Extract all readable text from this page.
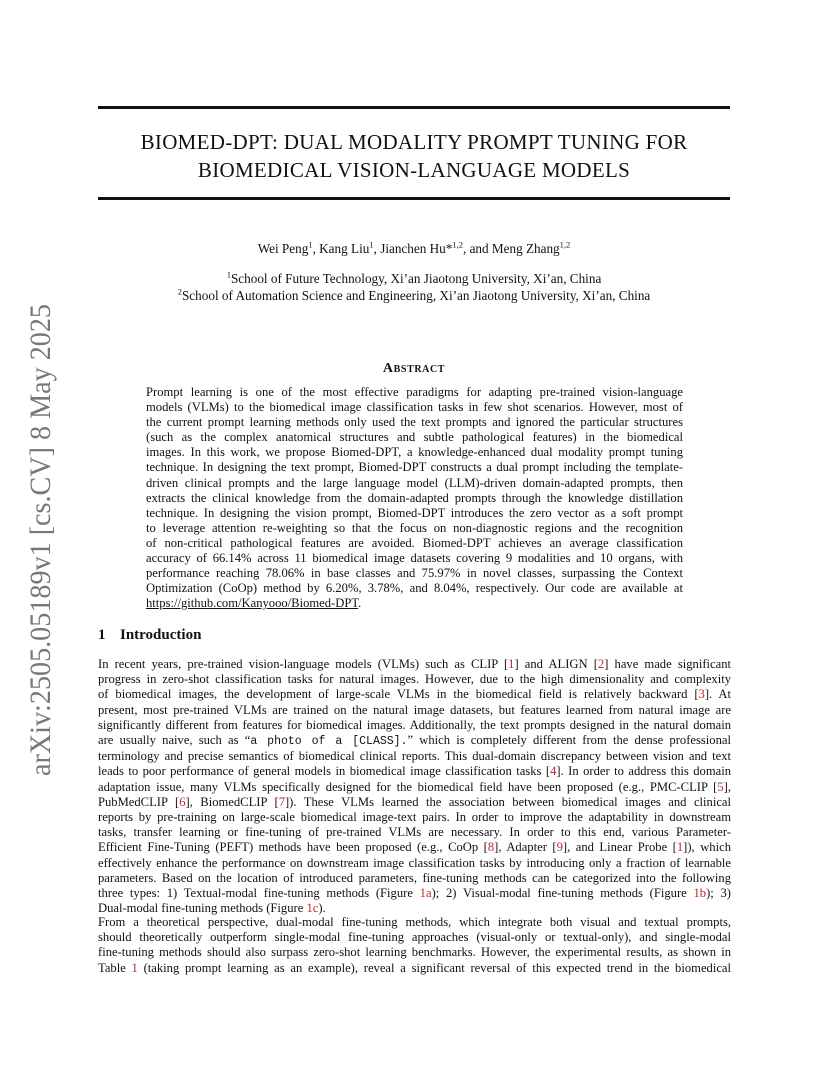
arXiv:2505.05189v1 [cs.CV] 8 May 2025
BIOMED-DPT: DUAL MODALITY PROMPT TUNING FOR
BIOMEDICAL VISION-LANGUAGE MODELS
Wei Peng$^1$, Kang Liu$^1$, Jianchen Hu*$^{1,2}$, and Meng Zhang$^{1,2}$
$^1$School of Future Technology, Xi’an Jiaotong University, Xi’an, China
$^2$School of Automation Science and Engineering, Xi’an Jiaotong University, Xi’an, China
Abstract
Prompt learning is one of the most effective paradigms for adapting pre-trained vision-language
models (VLMs) to the biomedical image classification tasks in few shot scenarios. However, most of
the current prompt learning methods only used the text prompts and ignored the particular structures
(such as the complex anatomical structures and subtle pathological features) in the biomedical
images. In this work, we propose Biomed-DPT, a knowledge-enhanced dual modality prompt tuning
technique. In designing the text prompt, Biomed-DPT constructs a dual prompt including the template-
driven clinical prompts and the large language model (LLM)-driven domain-adapted prompts, then
extracts the clinical knowledge from the domain-adapted prompts through the knowledge distillation
technique. In designing the vision prompt, Biomed-DPT introduces the zero vector as a soft prompt
to leverage attention re-weighting so that the focus on non-diagnostic regions and the recognition
of non-critical pathological features are avoided. Biomed-DPT achieves an average classification
accuracy of 66.14% across 11 biomedical image datasets covering 9 modalities and 10 organs, with
performance reaching 78.06% in base classes and 75.97% in novel classes, surpassing the Context
Optimization (CoOp) method by 6.20%, 3.78%, and 8.04%, respectively. Our code are available at
https://github.com/Kanyooo/Biomed-DPT.
1 Introduction
In recent years, pre-trained vision-language models (VLMs) such as CLIP [1] and ALIGN [2] have made significant
progress in zero-shot classification tasks for natural images. However, due to the high dimensionality and complexity
of biomedical images, the development of large-scale VLMs in the biomedical field is relatively backward [3]. At
present, most pre-trained VLMs are trained on the natural image datasets, but features learned from natural image are
significantly different from features for biomedical images. Additionally, the text prompts designed in the natural domain
are usually naive, such as “a photo of a [CLASS].” which is completely different from the dense professional
terminology and precise semantics of biomedical clinical reports. This dual-domain discrepancy between vision and text
leads to poor performance of general models in biomedical image classification tasks [4]. In order to address this domain
adaptation issue, many VLMs specifically designed for the biomedical field have been proposed (e.g., PMC-CLIP [5],
PubMedCLIP [6], BiomedCLIP [7]). These VLMs learned the association between biomedical images and clinical
reports by pre-training on large-scale biomedical image-text pairs. In order to improve the adaptability in downstream
tasks, transfer learning or fine-tuning of pre-trained VLMs are necessary. In order to this end, various Parameter-
Efficient Fine-Tuning (PEFT) methods have been proposed (e.g., CoOp [8], Adapter [9], and Linear Probe [1]), which
effectively enhance the performance on downstream image classification tasks by introducing only a fraction of learnable
parameters. Based on the location of introduced parameters, fine-tuning methods can be categorized into the following
three types: 1) Textual-modal fine-tuning methods (Figure 1a); 2) Visual-modal fine-tuning methods (Figure 1b); 3)
Dual-modal fine-tuning methods (Figure 1c).
From a theoretical perspective, dual-modal fine-tuning methods, which integrate both visual and textual prompts,
should theoretically outperform single-modal fine-tuning approaches (visual-only or textual-only), and single-modal
fine-tuning methods should also surpass zero-shot learning benchmarks. However, the experimental results, as shown in
Table 1 (taking prompt learning as an example), reveal a significant reversal of this expected trend in the biomedical
